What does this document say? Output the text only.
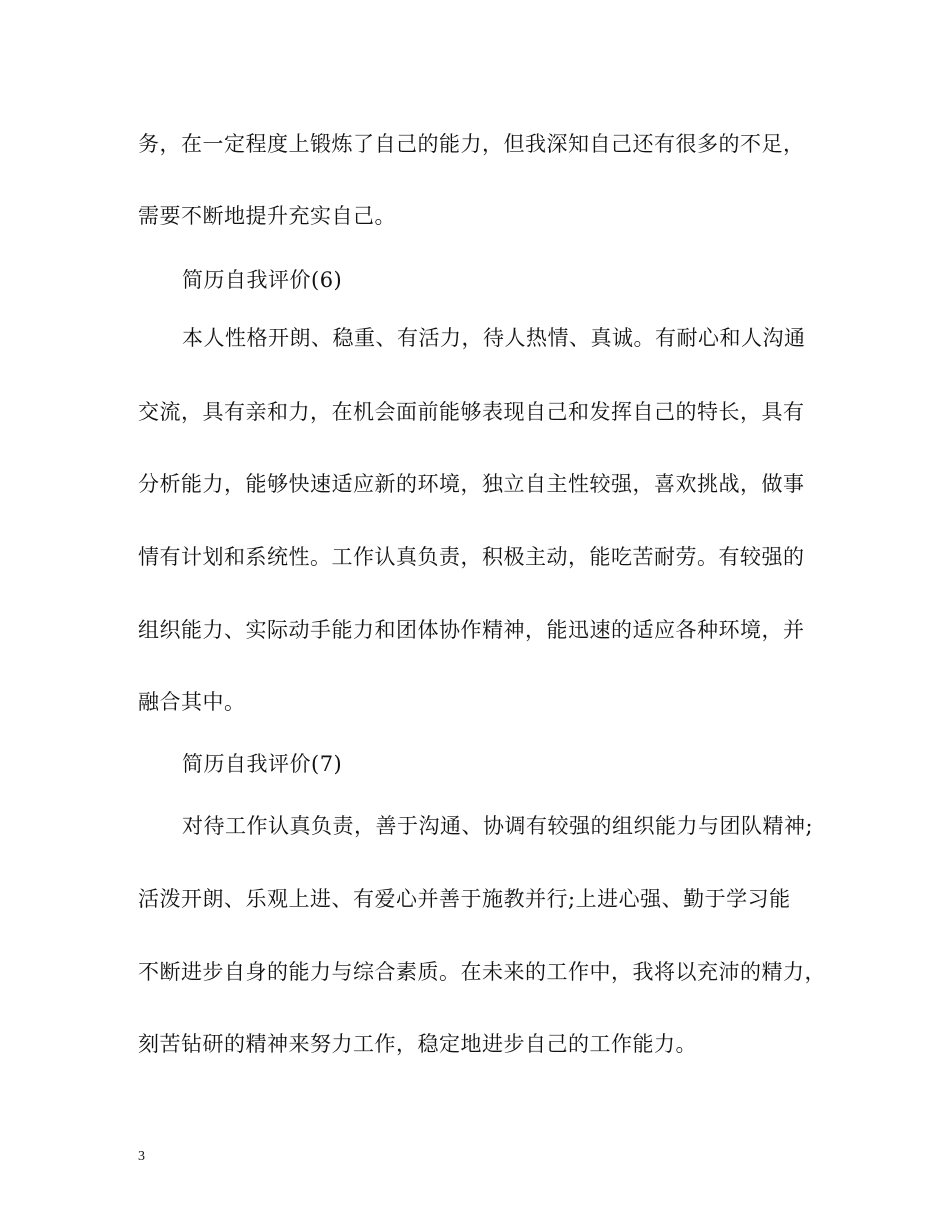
务，在一定程度上锻炼了自己的能力，但我深知自己还有很多的不足，
需要不断地提升充实自己。
简历自我评价(6)
本人性格开朗、稳重、有活力，待人热情、真诚。有耐心和人沟通
交流，具有亲和力，在机会面前能够表现自己和发挥自己的特长，具有
分析能力，能够快速适应新的环境，独立自主性较强，喜欢挑战，做事
情有计划和系统性。工作认真负责，积极主动，能吃苦耐劳。有较强的
组织能力、实际动手能力和团体协作精神，能迅速的适应各种环境，并
融合其中。
简历自我评价(7)
对待工作认真负责，善于沟通、协调有较强的组织能力与团队精神;
活泼开朗、乐观上进、有爱心并善于施教并行;上进心强、勤于学习能
不断进步自身的能力与综合素质。在未来的工作中，我将以充沛的精力，
刻苦钻研的精神来努力工作，稳定地进步自己的工作能力。
3
